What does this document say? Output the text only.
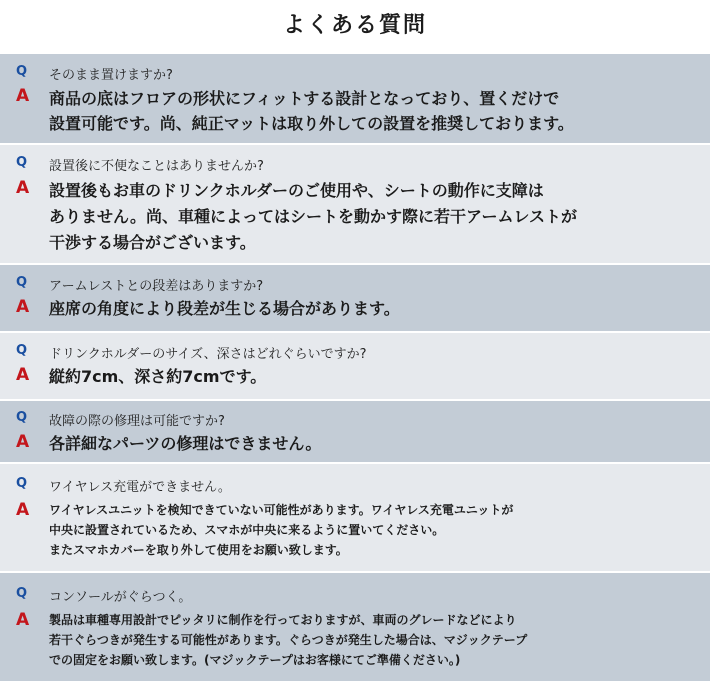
よくある質問
Q	そのまま置けますか?
A	商品の底はフロアの形状にフィットする設計となっており、置くだけで
設置可能です。尚、純正マットは取り外しての設置を推奨しております。
Q	設置後に不便なことはありませんか?
A	設置後もお車のドリンクホルダーのご使用や、シートの動作に支障は
ありません。尚、車種によってはシートを動かす際に若干アームレストが
干渉する場合がございます。
Q	アームレストとの段差はありますか?
A	座席の角度により段差が生じる場合があります。
Q	ドリンクホルダーのサイズ、深さはどれぐらいですか?
A	縦約7cm、深さ約7cmです。
Q	故障の際の修理は可能ですか?
A	各詳細なパーツの修理はできません。
Q	ワイヤレス充電ができません。
A	ワイヤレスユニットを検知できていない可能性があります。ワイヤレス充電ユニットが
中央に設置されているため、スマホが中央に来るように置いてください。
またスマホカバーを取り外して使用をお願い致します。
Q	コンソールがぐらつく。
A	製品は車種専用設計でピッタリに制作を行っておりますが、車両のグレードなどにより
若干ぐらつきが発生する可能性があります。ぐらつきが発生した場合は、マジックテープ
での固定をお願い致します。(マジックテープはお客様にてご準備ください。)
